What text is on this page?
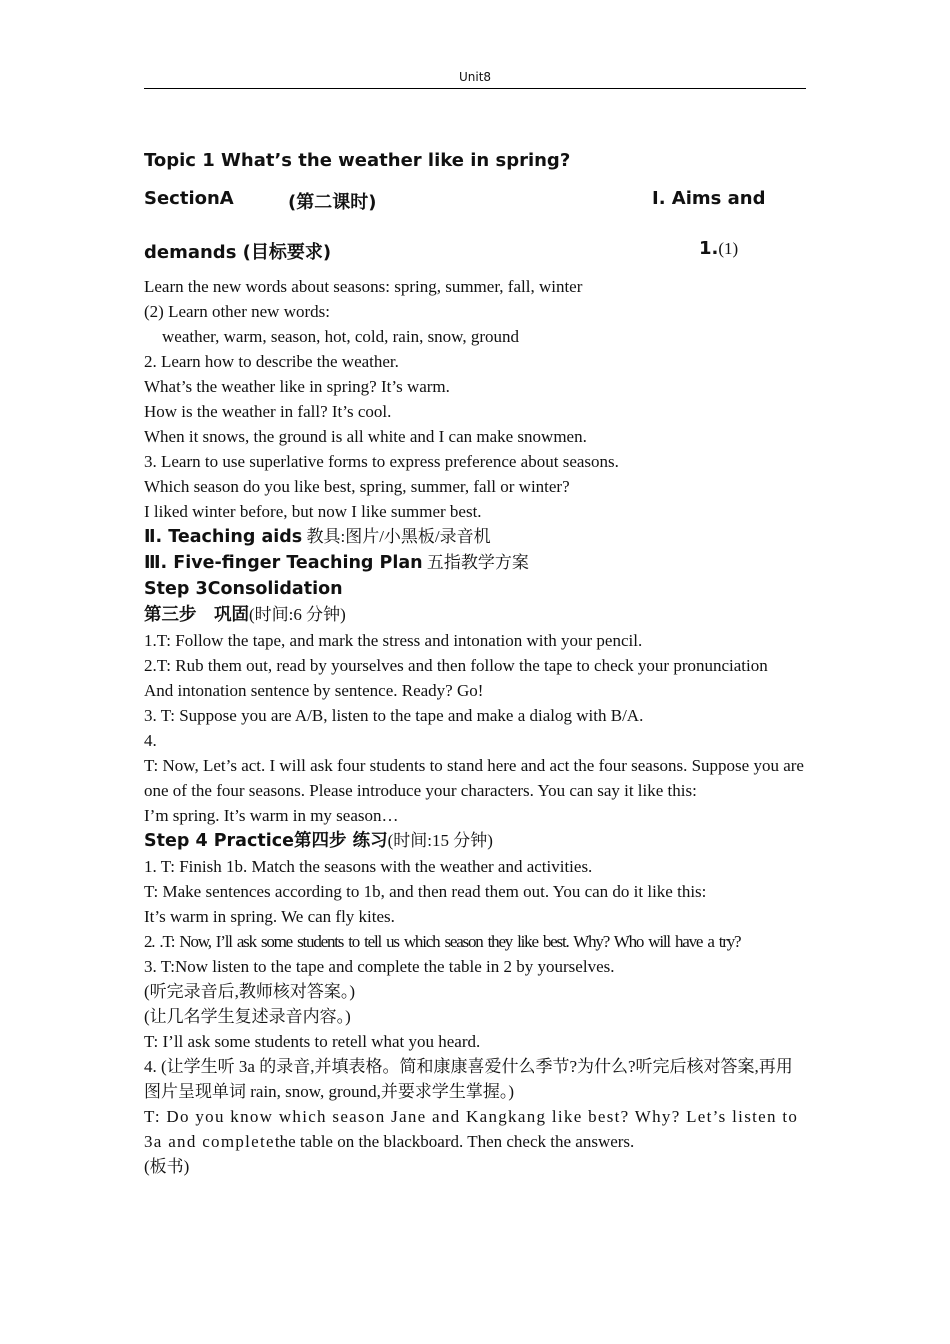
Unit8
Topic 1 What’s the weather like in spring?
SectionA	(第二课时)	I. Aims and
demands (目标要求)	1.(1)

Learn the new words about seasons: spring, summer, fall, winter

(2) Learn other new words:

weather, warm, season, hot, cold, rain, snow, ground

2. Learn how to describe the weather.

What’s the weather like in spring? It’s warm.

How is the weather in fall? It’s cool.

When it snows, the ground is all white and I can make snowmen.

3. Learn to use superlative forms to express preference about seasons.

Which season do you like best, spring, summer, fall or winter?

I liked winter before, but now I like summer best.

Ⅱ. Teaching aids 教具:图片/小黑板/录音机

Ⅲ. Five-finger Teaching Plan 五指教学方案

Step 3Consolidation

第三步　巩固(时间:6 分钟)

1.T: Follow the tape, and mark the stress and intonation with your pencil.

2.T: Rub them out, read by yourselves and then follow the tape to check your pronunciation

And intonation sentence by sentence. Ready? Go!

3. T: Suppose you are A/B, listen to the tape and make a dialog with B/A.

4.

T: Now, Let’s act. I will ask four students to stand here and act the four seasons. Suppose you are one of the four seasons. Please introduce your characters. You can say it like this:

I’m spring. It’s warm in my season…

Step 4 Practice第四步 练习(时间:15 分钟)

1. T: Finish 1b. Match the seasons with the weather and activities.

T: Make sentences according to 1b, and then read them out. You can do it like this:

It’s warm in spring. We can fly kites.

2. .T: Now, I’ll ask some students to tell us which season they like best. Why? Who will have a try?

3. T:Now listen to the tape and complete the table in 2 by yourselves.

(听完录音后,教师核对答案。)

(让几名学生复述录音内容。)

T: I’ll ask some students to retell what you heard.

4. (让学生听 3a 的录音,并填表格。简和康康喜爱什么季节?为什么?听完后核对答案,再用图片呈现单词 rain, snow, ground,并要求学生掌握。)

T: Do you know which season Jane and Kangkang like best? Why? Let’s listen to 3a and completethe table on the blackboard. Then check the answers.

(板书)
